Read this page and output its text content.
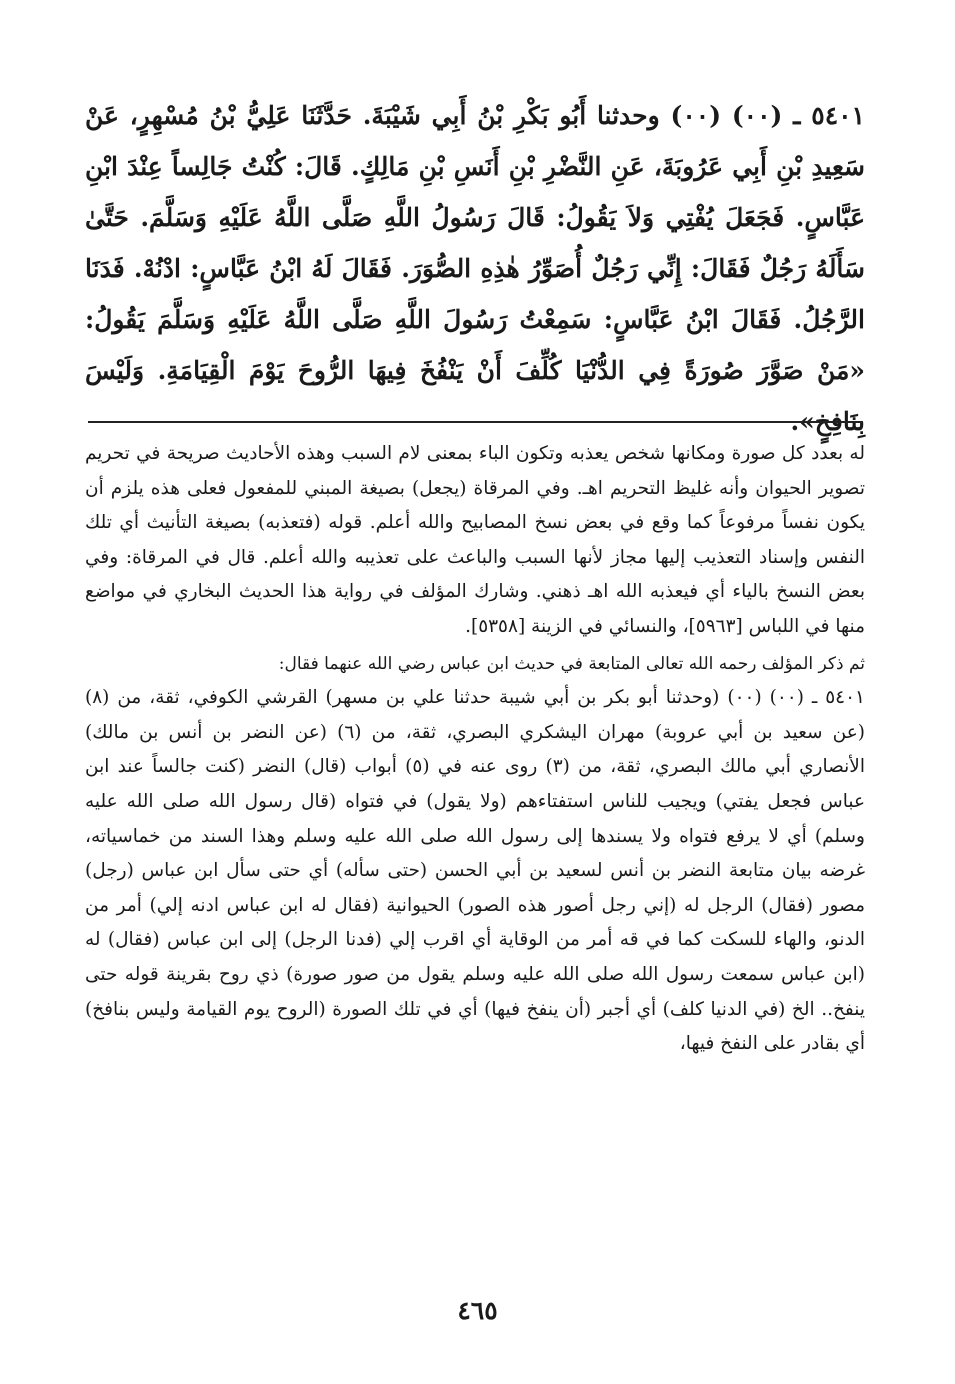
٥٤٠١ ـ (٠٠) (٠٠) وحدثنا أَبُو بَكْرِ بْنُ أَبِي شَيْبَةَ. حَدَّثَنَا عَلِيُّ بْنُ مُسْهِرٍ، عَنْ سَعِيدِ بْنِ أَبِي عَرُوبَةَ، عَنِ النَّضْرِ بْنِ أَنَسِ بْنِ مَالِكٍ. قَالَ: كُنْتُ جَالِساً عِنْدَ ابْنِ عَبَّاسٍ. فَجَعَلَ يُفْتِي وَلاَ يَقُولُ: قَالَ رَسُولُ اللَّهِ صَلَّى اللَّهُ عَلَيْهِ وَسَلَّمَ. حَتَّىٰ سَأَلَهُ رَجُلٌ فَقَالَ: إِنِّي رَجُلٌ أُصَوِّرُ هٰذِهِ الصُّوَرَ. فَقَالَ لَهُ ابْنُ عَبَّاسٍ: ادْنُهْ. فَدَنَا الرَّجُلُ. فَقَالَ ابْنُ عَبَّاسٍ: سَمِعْتُ رَسُولَ اللَّهِ صَلَّى اللَّهُ عَلَيْهِ وَسَلَّمَ يَقُولُ: «مَنْ صَوَّرَ صُورَةً فِي الدُّنْيَا كُلِّفَ أَنْ يَنْفُخَ فِيهَا الرُّوحَ يَوْمَ الْقِيَامَةِ. وَلَيْسَ بِنَافِخٍ».

له بعدد كل صورة ومكانها شخص يعذبه وتكون الباء بمعنى لام السبب وهذه الأحاديث صريحة في تحريم تصوير الحيوان وأنه غليظ التحريم اهـ. وفي المرقاة (يجعل) بصيغة المبني للمفعول فعلى هذه يلزم أن يكون نفساً مرفوعاً كما وقع في بعض نسخ المصابيح والله أعلم. قوله (فتعذبه) بصيغة التأنيث أي تلك النفس وإسناد التعذيب إليها مجاز لأنها السبب والباعث على تعذيبه والله أعلم. قال في المرقاة: وفي بعض النسخ بالياء أي فيعذبه الله اهـ ذهني. وشارك المؤلف في رواية هذا الحديث البخاري في مواضع منها في اللباس [٥٩٦٣]، والنسائي في الزينة [٥٣٥٨].

ثم ذكر المؤلف رحمه الله تعالى المتابعة في حديث ابن عباس رضي الله عنهما فقال:

٥٤٠١ ـ (٠٠) (٠٠) (وحدثنا أبو بكر بن أبي شيبة حدثنا علي بن مسهر) القرشي الكوفي، ثقة، من (٨) (عن سعيد بن أبي عروبة) مهران اليشكري البصري، ثقة، من (٦) (عن النضر بن أنس بن مالك) الأنصاري أبي مالك البصري، ثقة، من (٣) روى عنه في (٥) أبواب (قال) النضر (كنت جالساً عند ابن عباس فجعل يفتي) ويجيب للناس استفتاءهم (ولا يقول) في فتواه (قال رسول الله صلى الله عليه وسلم) أي لا يرفع فتواه ولا يسندها إلى رسول الله صلى الله عليه وسلم وهذا السند من خماسياته، غرضه بيان متابعة النضر بن أنس لسعيد بن أبي الحسن (حتى سأله) أي حتى سأل ابن عباس (رجل) مصور (فقال) الرجل له (إني رجل أصور هذه الصور) الحيوانية (فقال له ابن عباس ادنه إلي) أمر من الدنو، والهاء للسكت كما في قه أمر من الوقاية أي اقرب إلي (فدنا الرجل) إلى ابن عباس (فقال) له (ابن عباس سمعت رسول الله صلى الله عليه وسلم يقول من صور صورة) ذي روح بقرينة قوله حتى ينفخ.. الخ (في الدنيا كلف) أي أجبر (أن ينفخ فيها) أي في تلك الصورة (الروح يوم القيامة وليس بنافخ) أي بقادر على النفخ فيها،

٤٦٥
